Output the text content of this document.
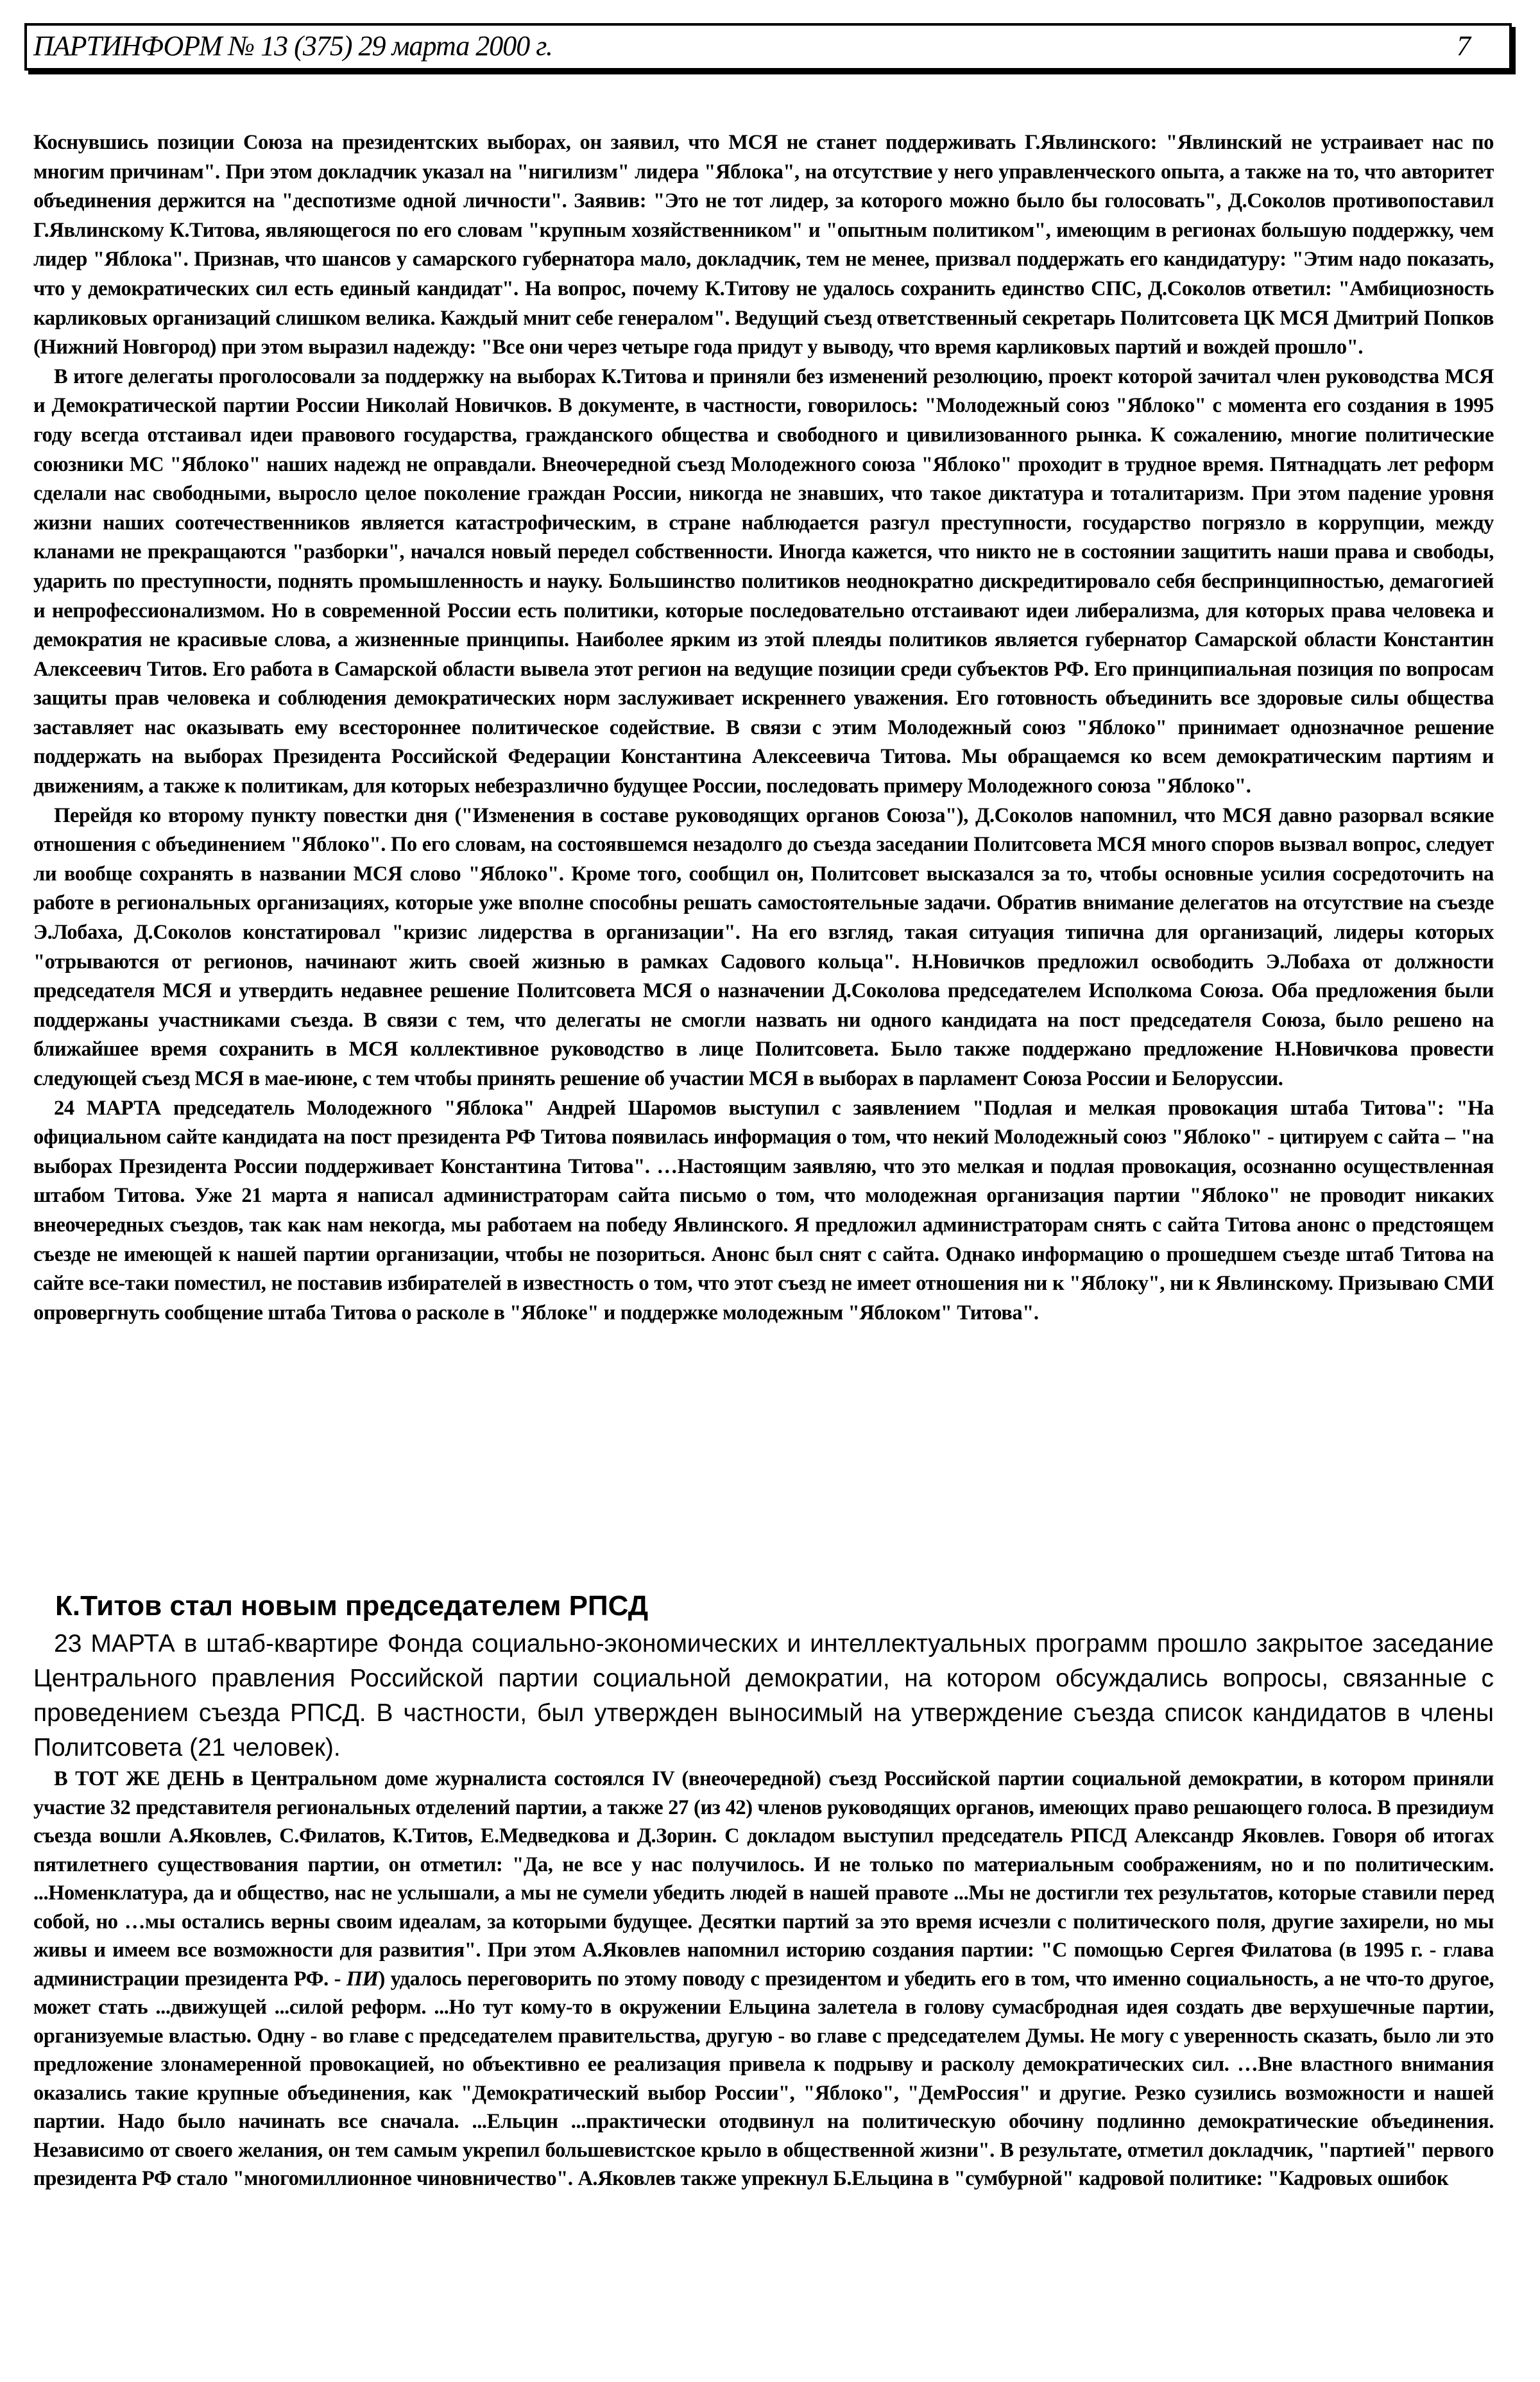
ПАРТИНФОРМ № 13 (375) 29 марта 2000 г.	7

Коснувшись позиции Союза на президентских выборах, он заявил, что МСЯ не станет поддерживать Г.Явлинского: "Явлинский не устраивает нас по многим причинам". При этом докладчик указал на "нигилизм" лидера "Яблока", на отсутствие у него управленческого опыта, а также на то, что авторитет объединения держится на "деспотизме одной личности". Заявив: "Это не тот лидер, за которого можно было бы голосовать", Д.Соколов противопоставил Г.Явлинскому К.Титова, являющегося по его словам "крупным хозяйственником" и "опытным политиком", имеющим в регионах большую поддержку, чем лидер "Яблока". Признав, что шансов у самарского губернатора мало, докладчик, тем не менее, призвал поддержать его кандидатуру: "Этим надо показать, что у демократических сил есть единый кандидат". На вопрос, почему К.Титову не удалось сохранить единство СПС, Д.Соколов ответил: "Амбициозность карликовых организаций слишком велика. Каждый мнит себе генералом". Ведущий съезд ответственный секретарь Политсовета ЦК МСЯ Дмитрий Попков (Нижний Новгород) при этом выразил надежду: "Все они через четыре года придут у выводу, что время карликовых партий и вождей прошло".

В итоге делегаты проголосовали за поддержку на выборах К.Титова и приняли без изменений резолюцию, проект которой зачитал член руководства МСЯ и Демократической партии России Николай Новичков. В документе, в частности, говорилось: "Молодежный союз "Яблоко" с момента его создания в 1995 году всегда отстаивал идеи правового государства, гражданского общества и свободного и цивилизованного рынка. К сожалению, многие политические союзники МС "Яблоко" наших надежд не оправдали. Внеочередной съезд Молодежного союза "Яблоко" проходит в трудное время. Пятнадцать лет реформ сделали нас свободными, выросло целое поколение граждан России, никогда не знавших, что такое диктатура и тоталитаризм. При этом падение уровня жизни наших соотечественников является катастрофическим, в стране наблюдается разгул преступности, государство погрязло в коррупции, между кланами не прекращаются "разборки", начался новый передел собственности. Иногда кажется, что никто не в состоянии защитить наши права и свободы, ударить по преступности, поднять промышленность и науку. Большинство политиков неоднократно дискредитировало себя беспринципностью, демагогией и непрофессионализмом. Но в современной России есть политики, которые последовательно отстаивают идеи либерализма, для которых права человека и демократия не красивые слова, а жизненные принципы. Наиболее ярким из этой плеяды политиков является губернатор Самарской области Константин Алексеевич Титов. Его работа в Самарской области вывела этот регион на ведущие позиции среди субъектов РФ. Его принципиальная позиция по вопросам защиты прав человека и соблюдения демократических норм заслуживает искреннего уважения. Его готовность объединить все здоровые силы общества заставляет нас оказывать ему всестороннее политическое содействие. В связи с этим Молодежный союз "Яблоко" принимает однозначное решение поддержать на выборах Президента Российской Федерации Константина Алексеевича Титова. Мы обращаемся ко всем демократическим партиям и движениям, а также к политикам, для которых небезразлично будущее России, последовать примеру Молодежного союза "Яблоко".

Перейдя ко второму пункту повестки дня ("Изменения в составе руководящих органов Союза"), Д.Соколов напомнил, что МСЯ давно разорвал всякие отношения с объединением "Яблоко". По его словам, на состоявшемся незадолго до съезда заседании Политсовета МСЯ много споров вызвал вопрос, следует ли вообще сохранять в названии МСЯ слово "Яблоко". Кроме того, сообщил он, Политсовет высказался за то, чтобы основные усилия сосредоточить на работе в региональных организациях, которые уже вполне способны решать самостоятельные задачи. Обратив внимание делегатов на отсутствие на съезде Э.Лобаха, Д.Соколов констатировал "кризис лидерства в организации". На его взгляд, такая ситуация типична для организаций, лидеры которых "отрываются от регионов, начинают жить своей жизнью в рамках Садового кольца". Н.Новичков предложил освободить Э.Лобаха от должности председателя МСЯ и утвердить недавнее решение Политсовета МСЯ о назначении Д.Соколова председателем Исполкома Союза. Оба предложения были поддержаны участниками съезда. В связи с тем, что делегаты не смогли назвать ни одного кандидата на пост председателя Союза, было решено на ближайшее время сохранить в МСЯ коллективное руководство в лице Политсовета. Было также поддержано предложение Н.Новичкова провести следующей съезд МСЯ в мае-июне, с тем чтобы принять решение об участии МСЯ в выборах в парламент Союза России и Белоруссии.

24 МАРТА председатель Молодежного "Яблока" Андрей Шаромов выступил с заявлением "Подлая и мелкая провокация штаба Титова": "На официальном сайте кандидата на пост президента РФ Титова появилась информация о том, что некий Молодежный союз "Яблоко" - цитируем с сайта – "на выборах Президента России поддерживает Константина Титова". …Настоящим заявляю, что это мелкая и подлая провокация, осознанно осуществленная штабом Титова. Уже 21 марта я написал администраторам сайта письмо о том, что молодежная организация партии "Яблоко" не проводит никаких внеочередных съездов, так как нам некогда, мы работаем на победу Явлинского. Я предложил администраторам снять с сайта Титова анонс о предстоящем съезде не имеющей к нашей партии организации, чтобы не позориться. Анонс был снят с сайта. Однако информацию о прошедшем съезде штаб Титова на сайте все-таки поместил, не поставив избирателей в известность о том, что этот съезд не имеет отношения ни к "Яблоку", ни к Явлинскому. Призываю СМИ опровергнуть сообщение штаба Титова о расколе в "Яблоке" и поддержке молодежным "Яблоком" Титова".

К.Титов стал новым председателем РПСД

23 МАРТА в штаб-квартире Фонда социально-экономических и интеллектуальных программ прошло закрытое заседание Центрального правления Российской партии социальной демократии, на котором обсуждались вопросы, связанные с проведением съезда РПСД. В частности, был утвержден выносимый на утверждение съезда список кандидатов в члены Политсовета (21 человек).

В ТОТ ЖЕ ДЕНЬ в Центральном доме журналиста состоялся IV (внеочередной) съезд Российской партии социальной демократии, в котором приняли участие 32 представителя региональных отделений партии, а также 27 (из 42) членов руководящих органов, имеющих право решающего голоса. В президиум съезда вошли А.Яковлев, С.Филатов, К.Титов, Е.Медведкова и Д.Зорин. С докладом выступил председатель РПСД Александр Яковлев. Говоря об итогах пятилетнего существования партии, он отметил: "Да, не все у нас получилось. И не только по материальным соображениям, но и по политическим. ...Номенклатура, да и общество, нас не услышали, а мы не сумели убедить людей в нашей правоте ...Мы не достигли тех результатов, которые ставили перед собой, но …мы остались верны своим идеалам, за которыми будущее. Десятки партий за это время исчезли с политического поля, другие захирели, но мы живы и имеем все возможности для развития". При этом А.Яковлев напомнил историю создания партии: "С помощью Сергея Филатова (в 1995 г. - глава администрации президента РФ. - ПИ) удалось переговорить по этому поводу с президентом и убедить его в том, что именно социальность, а не что-то другое, может стать ...движущей ...силой реформ. ...Но тут кому-то в окружении Ельцина залетела в голову сумасбродная идея создать две верхушечные партии, организуемые властью. Одну - во главе с председателем правительства, другую - во главе с председателем Думы. Не могу с уверенность сказать, было ли это предложение злонамеренной провокацией, но объективно ее реализация привела к подрыву и расколу демократических сил. …Вне властного внимания оказались такие крупные объединения, как "Демократический выбор России", "Яблоко", "ДемРоссия" и другие. Резко сузились возможности и нашей партии. Надо было начинать все сначала. ...Ельцин ...практически отодвинул на политическую обочину подлинно демократические объединения. Независимо от своего желания, он тем самым укрепил большевистское крыло в общественной жизни". В результате, отметил докладчик, "партией" первого президента РФ стало "многомиллионное чиновничество". А.Яковлев также упрекнул Б.Ельцина в "сумбурной" кадровой политике: "Кадровых ошибок
